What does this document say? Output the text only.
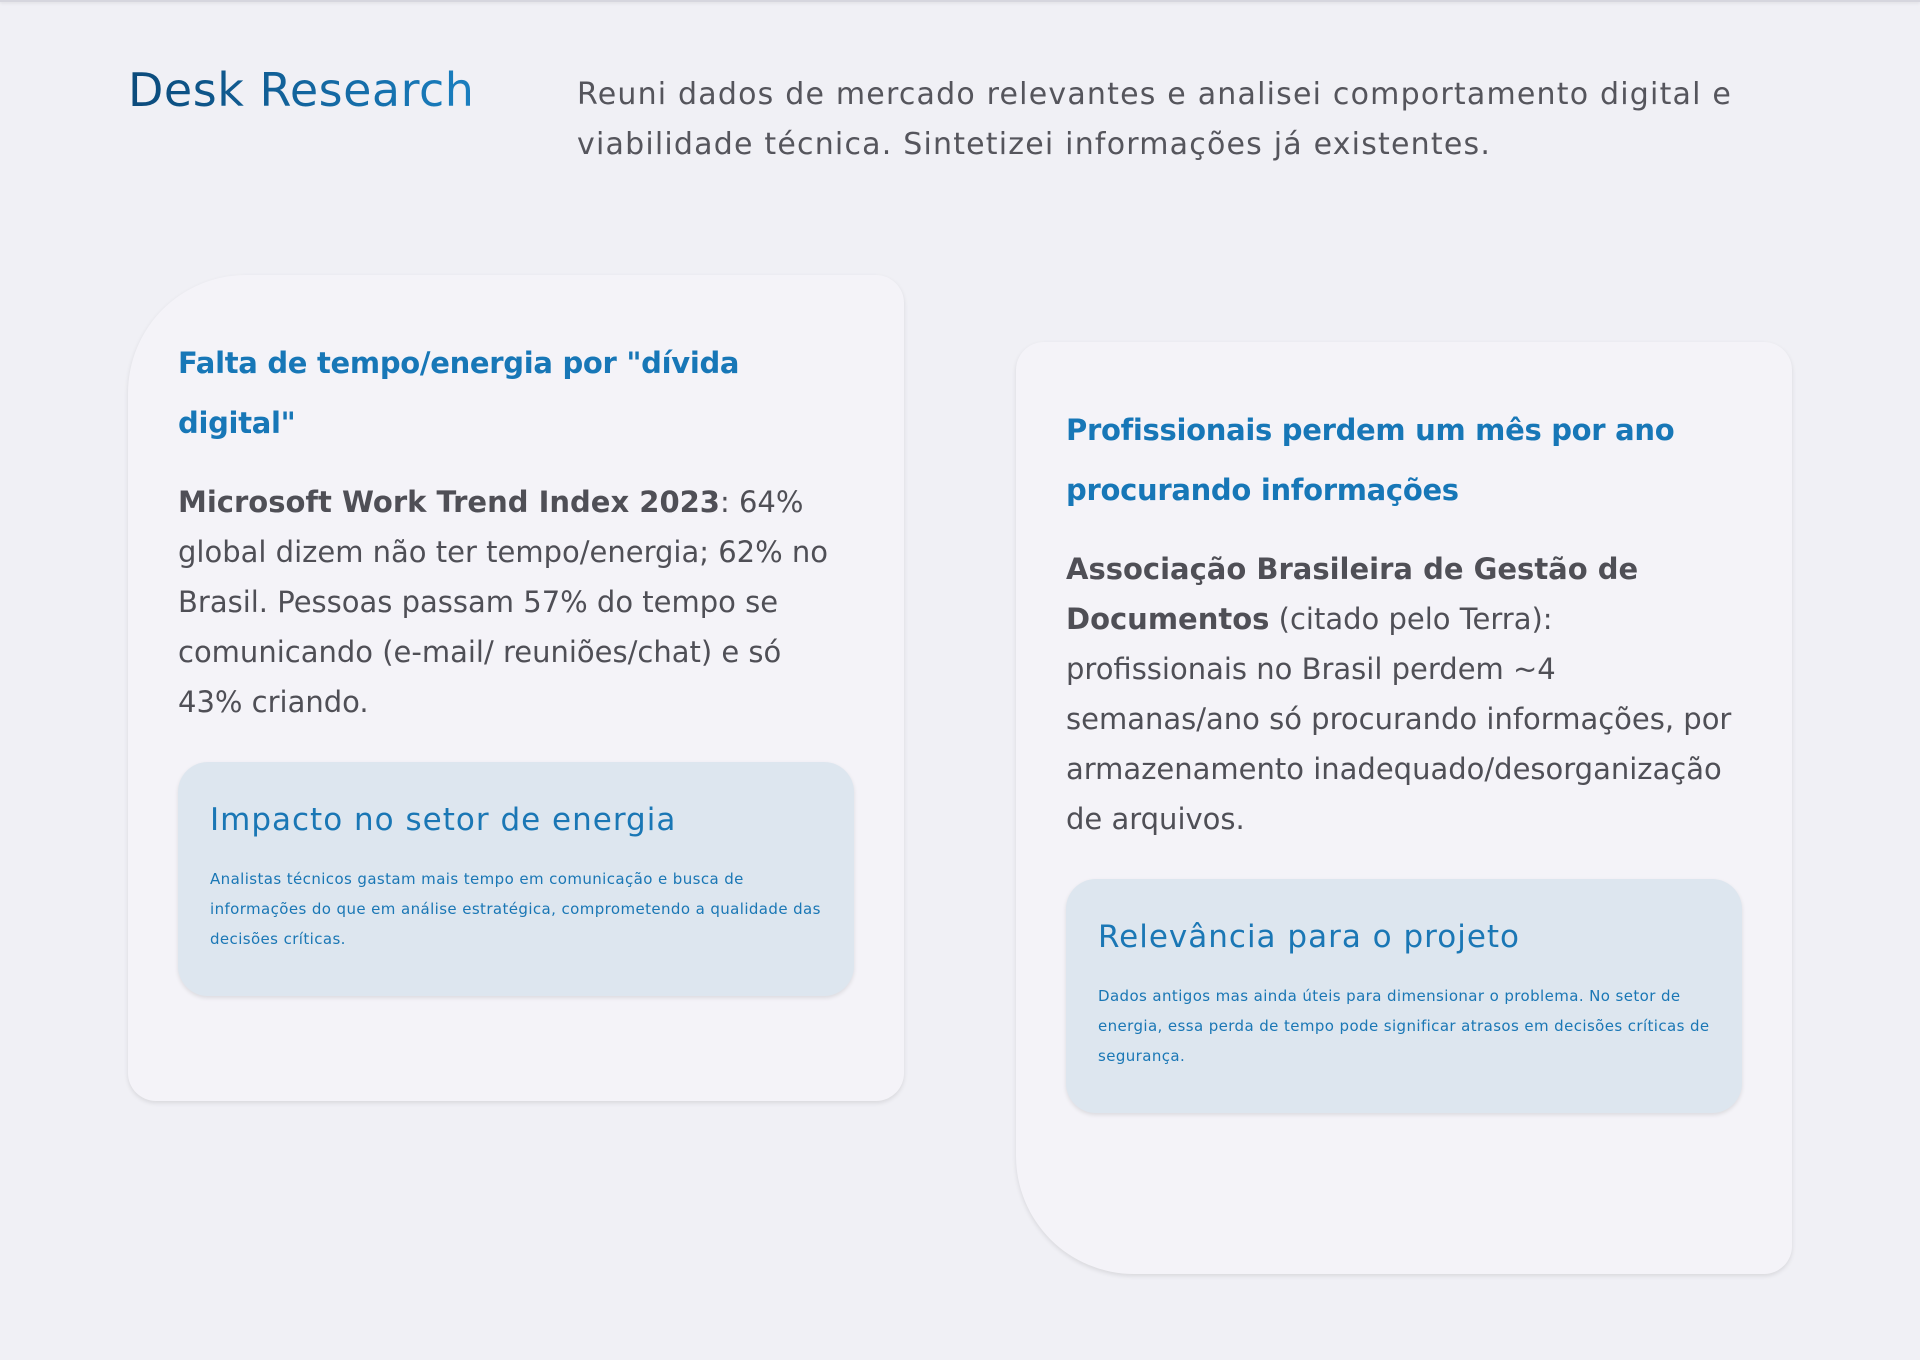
Desk Research	Reuni dados de mercado relevantes e analisei comportamento digital e viabilidade técnica. Sintetizei informações já existentes.

Falta de tempo/energia por "dívida digital"

Microsoft Work Trend Index 2023: 64% global dizem não ter tempo/energia; 62% no Brasil. Pessoas passam 57% do tempo se comunicando (e-mail/ reuniões/chat) e só 43% criando.

Impacto no setor de energia

Analistas técnicos gastam mais tempo em comunicação e busca de informações do que em análise estratégica, comprometendo a qualidade das decisões críticas.

Profissionais perdem um mês por ano procurando informações

Associação Brasileira de Gestão de Documentos (citado pelo Terra): profissionais no Brasil perdem ~4 semanas/ano só procurando informações, por armazenamento inadequado/desorganização de arquivos.

Relevância para o projeto

Dados antigos mas ainda úteis para dimensionar o problema. No setor de energia, essa perda de tempo pode significar atrasos em decisões críticas de segurança.
